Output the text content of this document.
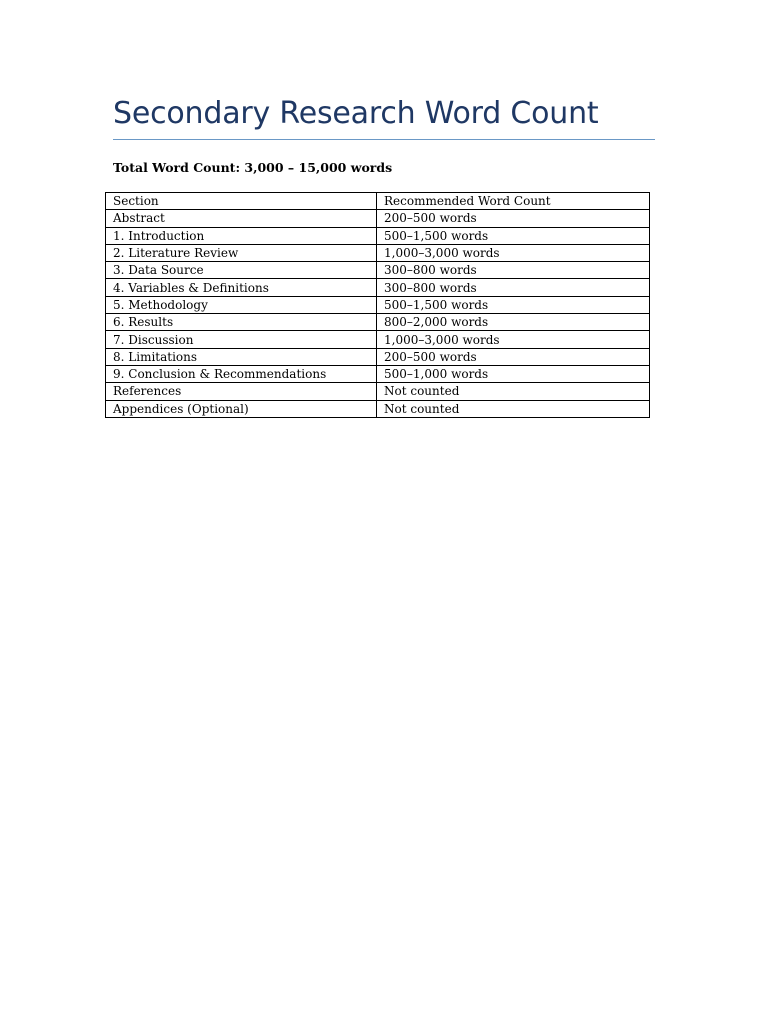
Secondary Research Word Count
Total Word Count: 3,000 – 15,000 words
Section	Recommended Word Count
Abstract	200–500 words
1. Introduction	500–1,500 words
2. Literature Review	1,000–3,000 words
3. Data Source	300–800 words
4. Variables & Definitions	300–800 words
5. Methodology	500–1,500 words
6. Results	800–2,000 words
7. Discussion	1,000–3,000 words
8. Limitations	200–500 words
9. Conclusion & Recommendations	500–1,000 words
References	Not counted
Appendices (Optional)	Not counted
